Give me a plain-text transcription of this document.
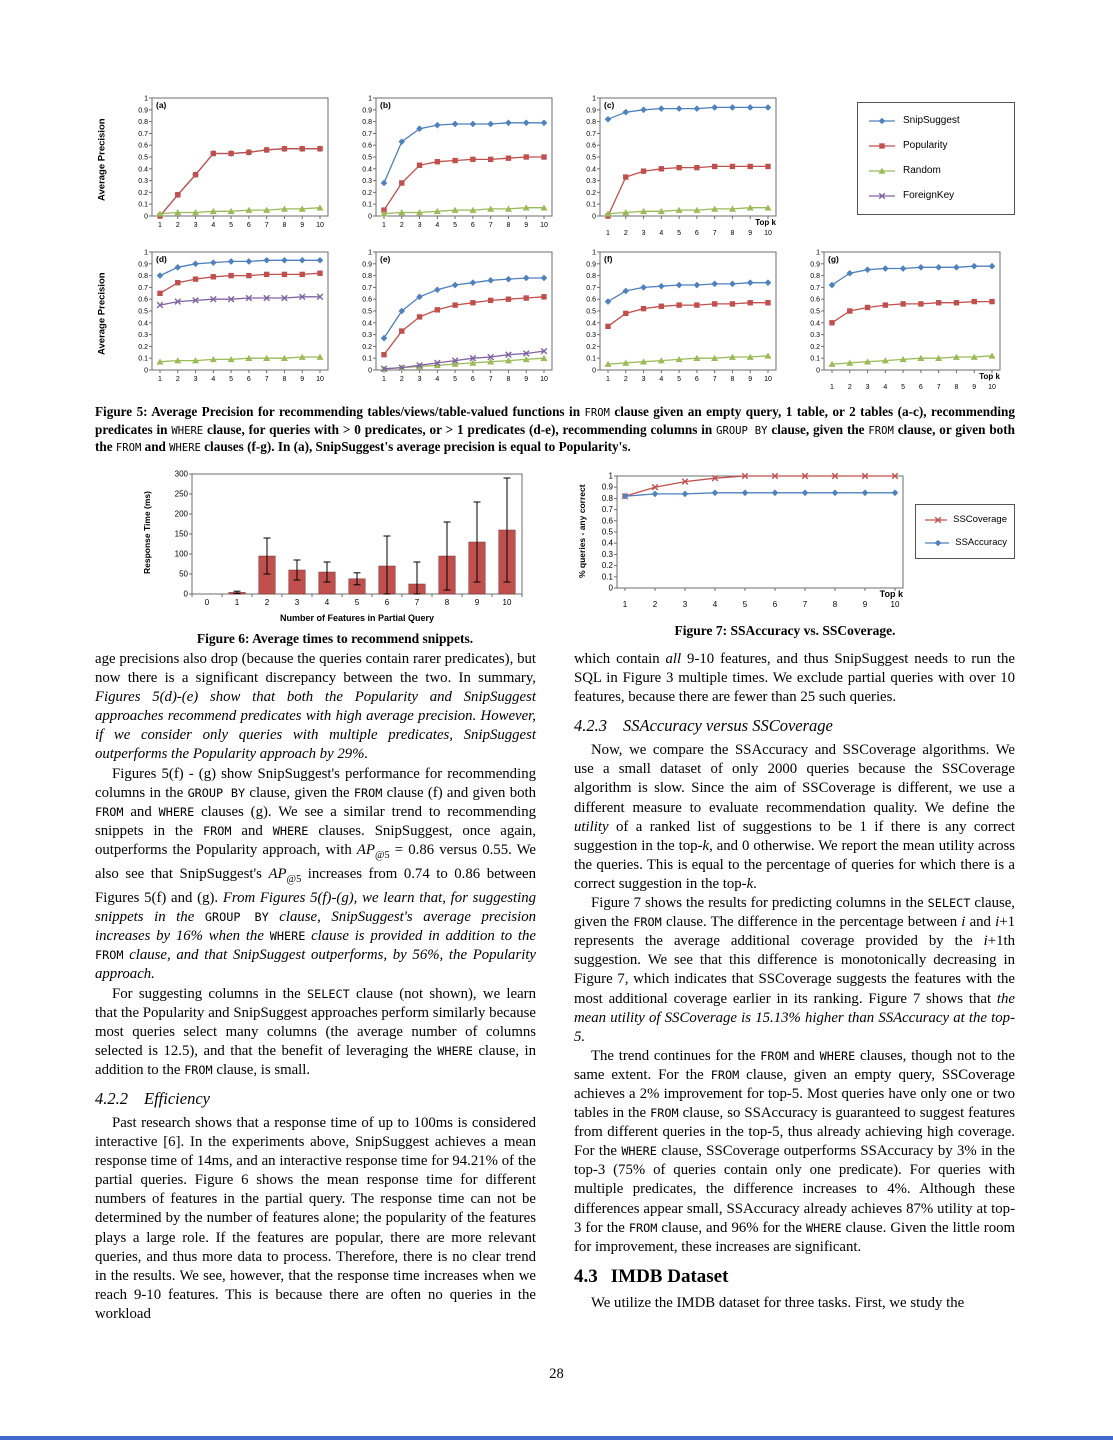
Average Precision
0
0.1
0.2
0.3
0.4
0.5
0.6
0.7
0.8
0.9
1
1 2 3 4 5 6 7 8 9 10
(a)
0
0.1
0.2
0.3
0.4
0.5
0.6
0.7
0.8
0.9
1
1 2 3 4 5 6 7 8 9 10
(b)
0
0.1
0.2
0.3
0.4
0.5
0.6
0.7
0.8
0.9
1
1 2 3 4 5 6 7 8 9 10
Top k
(c)
SnipSuggest
Popularity
Random
ForeignKey
Average Precision
0
0.1
0.2
0.3
0.4
0.5
0.6
0.7
0.8
0.9
1
1 2 3 4 5 6 7 8 9 10
(d)
0
0.1
0.2
0.3
0.4
0.5
0.6
0.7
0.8
0.9
1
1 2 3 4 5 6 7 8 9 10
(e)
0
0.1
0.2
0.3
0.4
0.5
0.6
0.7
0.8
0.9
1
1 2 3 4 5 6 7 8 9 10
(f)
0
0.1
0.2
0.3
0.4
0.5
0.6
0.7
0.8
0.9
1
1 2 3 4 5 6 7 8 9 10
Top k
(g)
Figure 5: Average Precision for recommending tables/views/table-valued functions in FROM clause given an empty query, 1 table, or 2 tables (a-c), recommending predicates in WHERE clause, for queries with > 0 predicates, or > 1 predicates (d-e), recommending columns in GROUP BY clause, given the FROM clause, or given both the FROM and WHERE clauses (f-g). In (a), SnipSuggest's average precision is equal to Popularity's.
Response Time (ms)
0
50
100
150
200
250
300
0	1	2	3	4	5	6	7	8	9	10
Number of Features in Partial Query
Figure 6: Average times to recommend snippets.
% queries - any correct
0
0.1
0.2
0.3
0.4
0.5
0.6
0.7
0.8
0.9
1
1	2	3	4	5	6	7	8	9	10
Top k
SSCoverage
SSAccuracy
Figure 7: SSAccuracy vs. SSCoverage.

age precisions also drop (because the queries contain rarer predicates), but now there is a significant discrepancy between the two. In summary, Figures 5(d)-(e) show that both the Popularity and SnipSuggest approaches recommend predicates with high average precision. However, if we consider only queries with multiple predicates, SnipSuggest outperforms the Popularity approach by 29%.

Figures 5(f) - (g) show SnipSuggest's performance for recommending columns in the GROUP BY clause, given the FROM clause (f) and given both FROM and WHERE clauses (g). We see a similar trend to recommending snippets in the FROM and WHERE clauses. SnipSuggest, once again, outperforms the Popularity approach, with $AP_{@5} = 0.86$ versus 0.55. We also see that SnipSuggest's $AP_{@5}$ increases from 0.74 to 0.86 between Figures 5(f) and (g). From Figures 5(f)-(g), we learn that, for suggesting snippets in the GROUP BY clause, SnipSuggest's average precision increases by 16% when the WHERE clause is provided in addition to the FROM clause, and that SnipSuggest outperforms, by 56%, the Popularity approach.

For suggesting columns in the SELECT clause (not shown), we learn that the Popularity and SnipSuggest approaches perform similarly because most queries select many columns (the average number of columns selected is 12.5), and that the benefit of leveraging the WHERE clause, in addition to the FROM clause, is small.

4.2.2 Efficiency

Past research shows that a response time of up to 100ms is considered interactive [6]. In the experiments above, SnipSuggest achieves a mean response time of 14ms, and an interactive response time for 94.21% of the partial queries. Figure 6 shows the mean response time for different numbers of features in the partial query. The response time can not be determined by the number of features alone; the popularity of the features plays a large role. If the features are popular, there are more relevant queries, and thus more data to process. Therefore, there is no clear trend in the results. We see, however, that the response time increases when we reach 9-10 features. This is because there are often no queries in the workload

which contain all 9-10 features, and thus SnipSuggest needs to run the SQL in Figure 3 multiple times. We exclude partial queries with over 10 features, because there are fewer than 25 such queries.

4.2.3 SSAccuracy versus SSCoverage

Now, we compare the SSAccuracy and SSCoverage algorithms. We use a small dataset of only 2000 queries because the SSCoverage algorithm is slow. Since the aim of SSCoverage is different, we use a different measure to evaluate recommendation quality. We define the utility of a ranked list of suggestions to be 1 if there is any correct suggestion in the top-k, and 0 otherwise. We report the mean utility across the queries. This is equal to the percentage of queries for which there is a correct suggestion in the top-k.

Figure 7 shows the results for predicting columns in the SELECT clause, given the FROM clause. The difference in the percentage between i and i+1 represents the average additional coverage provided by the i+1th suggestion. We see that this difference is monotonically decreasing in Figure 7, which indicates that SSCoverage suggests the features with the most additional coverage earlier in its ranking. Figure 7 shows that the mean utility of SSCoverage is 15.13% higher than SSAccuracy at the top-5.

The trend continues for the FROM and WHERE clauses, though not to the same extent. For the FROM clause, given an empty query, SSCoverage achieves a 2% improvement for top-5. Most queries have only one or two tables in the FROM clause, so SSAccuracy is guaranteed to suggest features from different queries in the top-5, thus already achieving high coverage. For the WHERE clause, SSCoverage outperforms SSAccuracy by 3% in the top-3 (75% of queries contain only one predicate). For queries with multiple predicates, the difference increases to 4%. Although these differences appear small, SSAccuracy already achieves 87% utility at top-3 for the FROM clause, and 96% for the WHERE clause. Given the little room for improvement, these increases are significant.

4.3 IMDB Dataset

We utilize the IMDB dataset for three tasks. First, we study the

28
